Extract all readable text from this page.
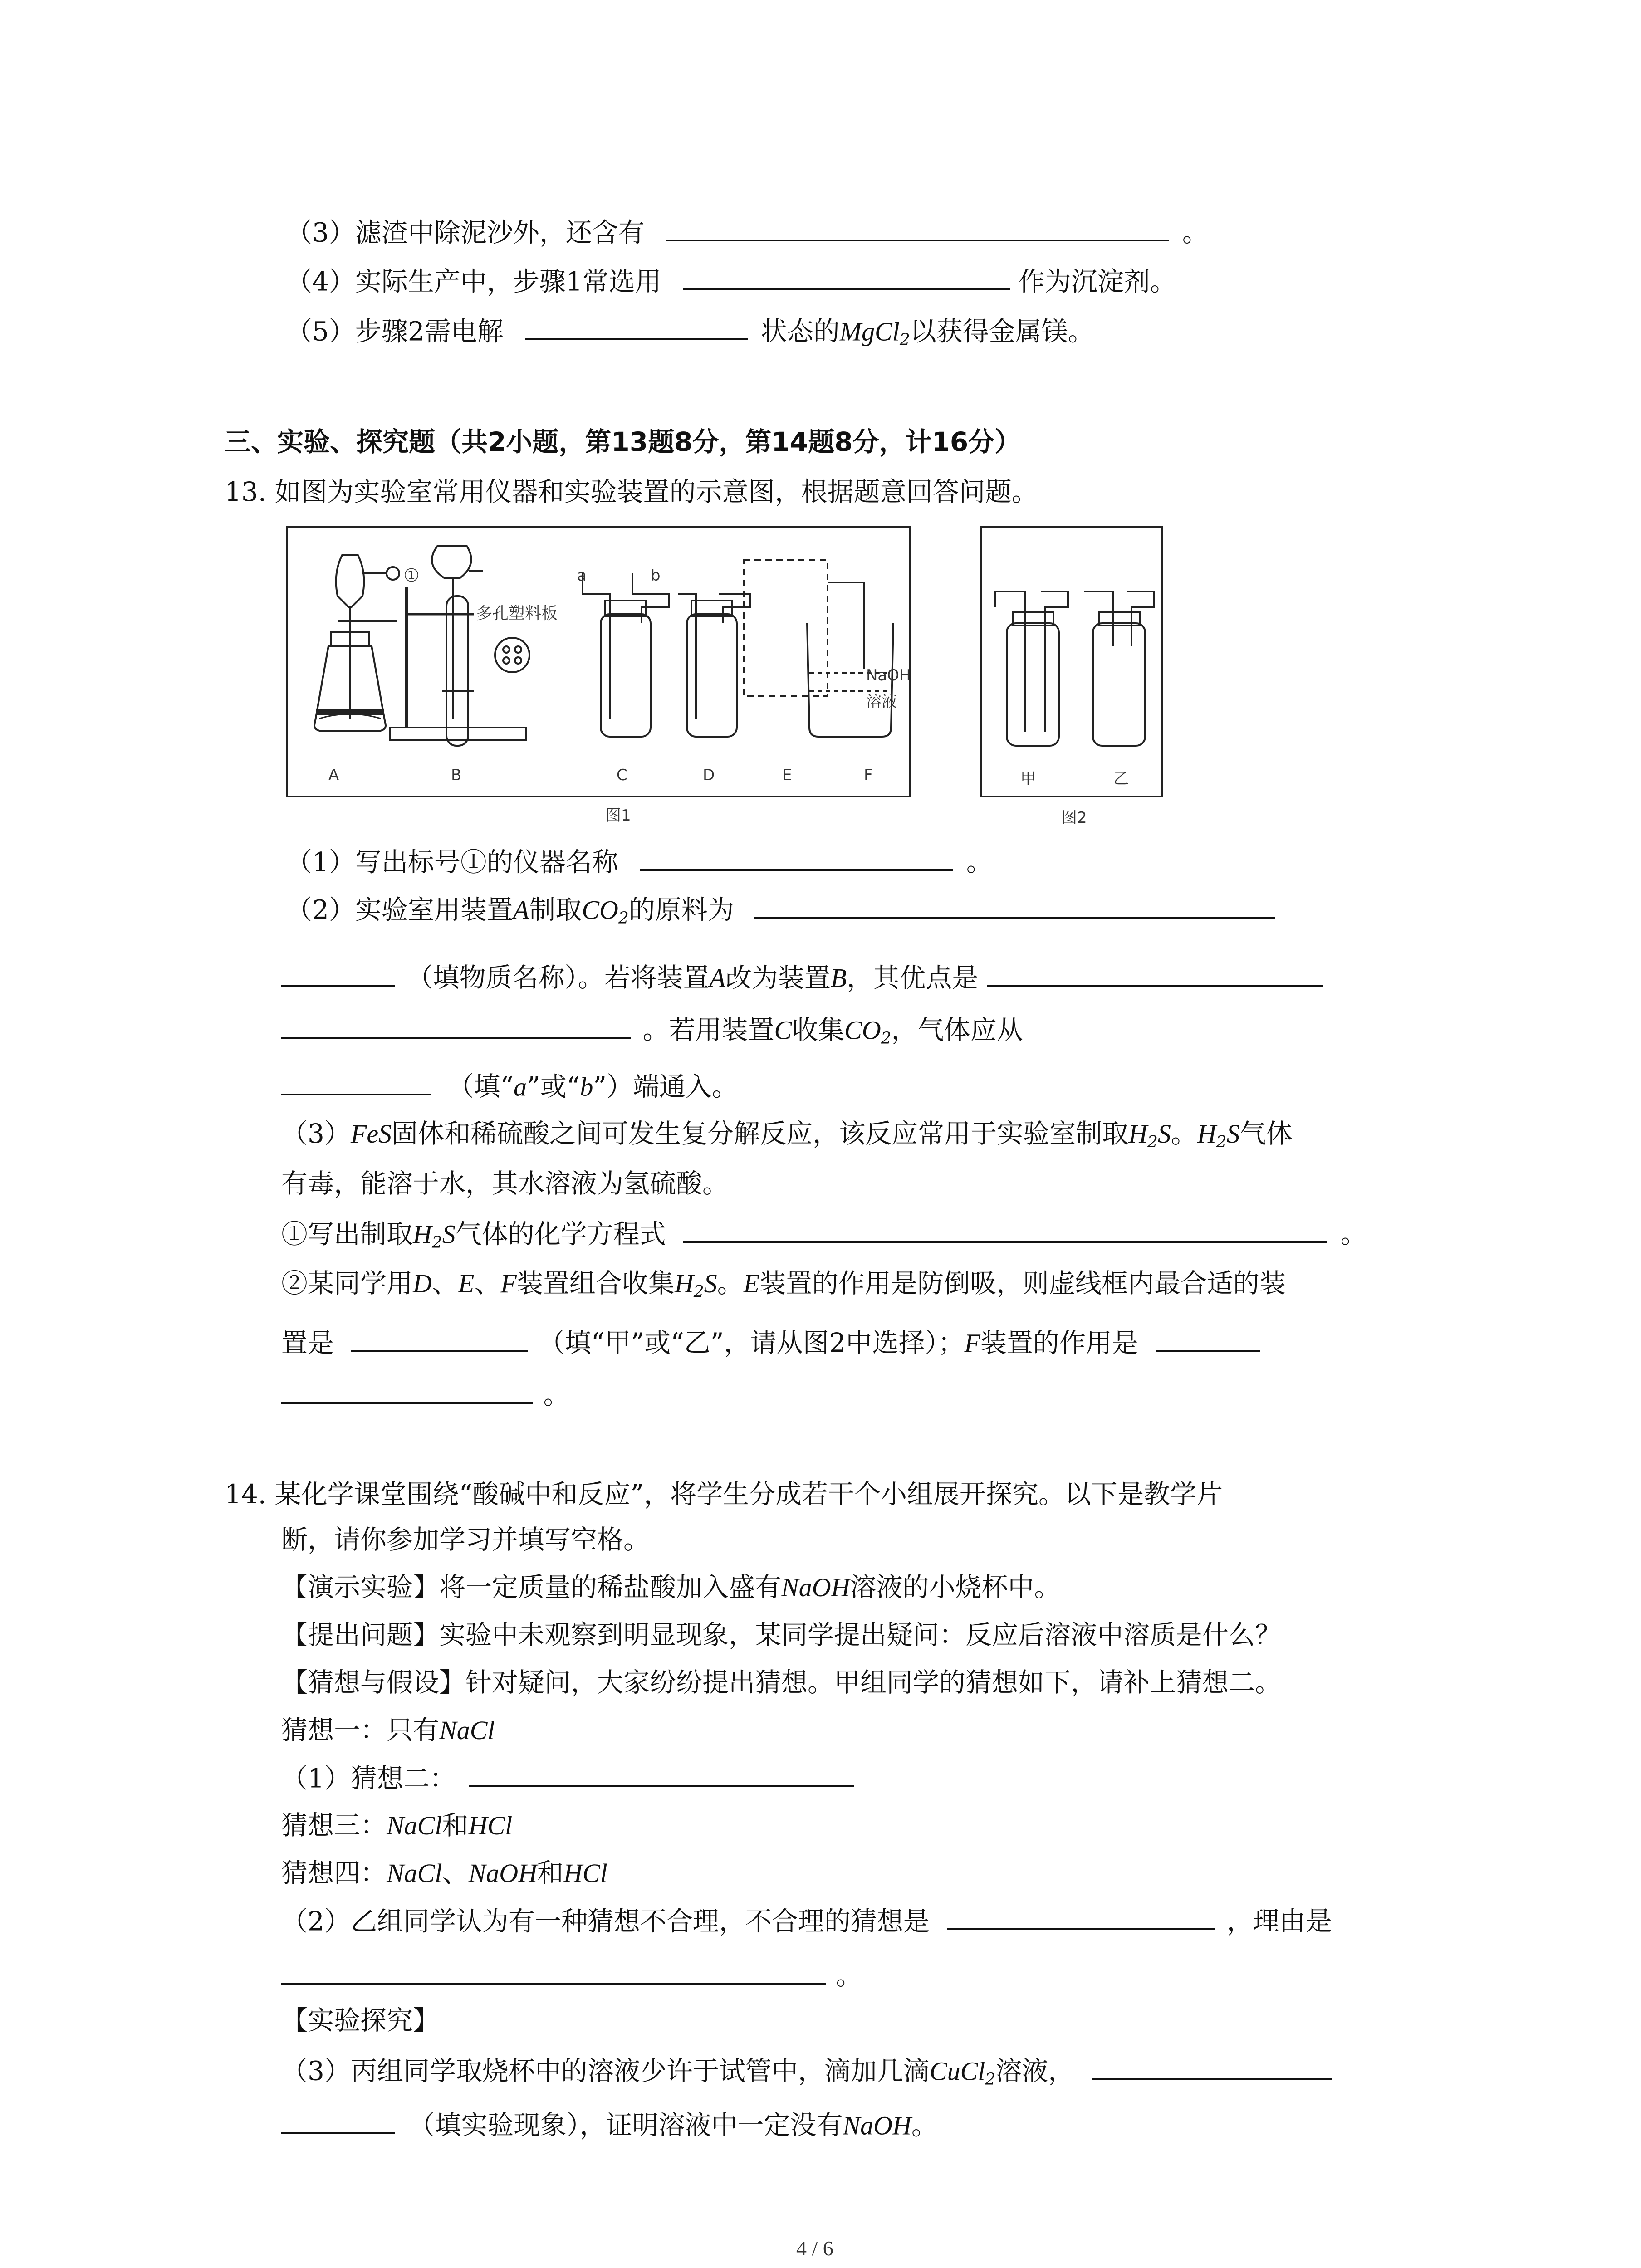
（3）滤渣中除泥沙外，还含有	。
（4）实际生产中，步骤1常选用	作为沉淀剂。
（5）步骤2需电解	状态的MgCl$_2$以获得金属镁。
三、实验、探究题（共2小题，第13题8分，第14题8分，计16分）
13. 如图为实验室常用仪器和实验装置的示意图，根据题意回答问题。
①
多孔塑料板
a	b
NaOH
溶液
A	B	C	D	E	F
图1
甲	乙
图2
（1）写出标号①的仪器名称	。
（2）实验室用装置A制取$CO_2$的原料为
（填物质名称）。若将装置A改为装置B，其优点是
。若用装置C收集$CO_2$，气体应从
（填“a”或“b”）端通入。
（3）FeS固体和稀硫酸之间可发生复分解反应，该反应常用于实验室制取$H_2S$。$H_2S$气体
有毒，能溶于水，其水溶液为氢硫酸。
①写出制取$H_2S$气体的化学方程式	。
②某同学用D、E、F装置组合收集$H_2S$。E装置的作用是防倒吸，则虚线框内最合适的装
置是	（填“甲”或“乙”，请从图2中选择）；F装置的作用是
。
14. 某化学课堂围绕“酸碱中和反应”，将学生分成若干个小组展开探究。以下是教学片
断，请你参加学习并填写空格。
【演示实验】将一定质量的稀盐酸加入盛有NaOH溶液的小烧杯中。
【提出问题】实验中未观察到明显现象，某同学提出疑问：反应后溶液中溶质是什么？
【猜想与假设】针对疑问，大家纷纷提出猜想。甲组同学的猜想如下，请补上猜想二。
猜想一：只有NaCl
（1）猜想二：
猜想三：NaCl和HCl
猜想四：NaCl、NaOH和HCl
（2）乙组同学认为有一种猜想不合理，不合理的猜想是	，理由是
。
【实验探究】
（3）丙组同学取烧杯中的溶液少许于试管中，滴加几滴CuCl$_2$溶液，
（填实验现象），证明溶液中一定没有NaOH。
4 / 6
